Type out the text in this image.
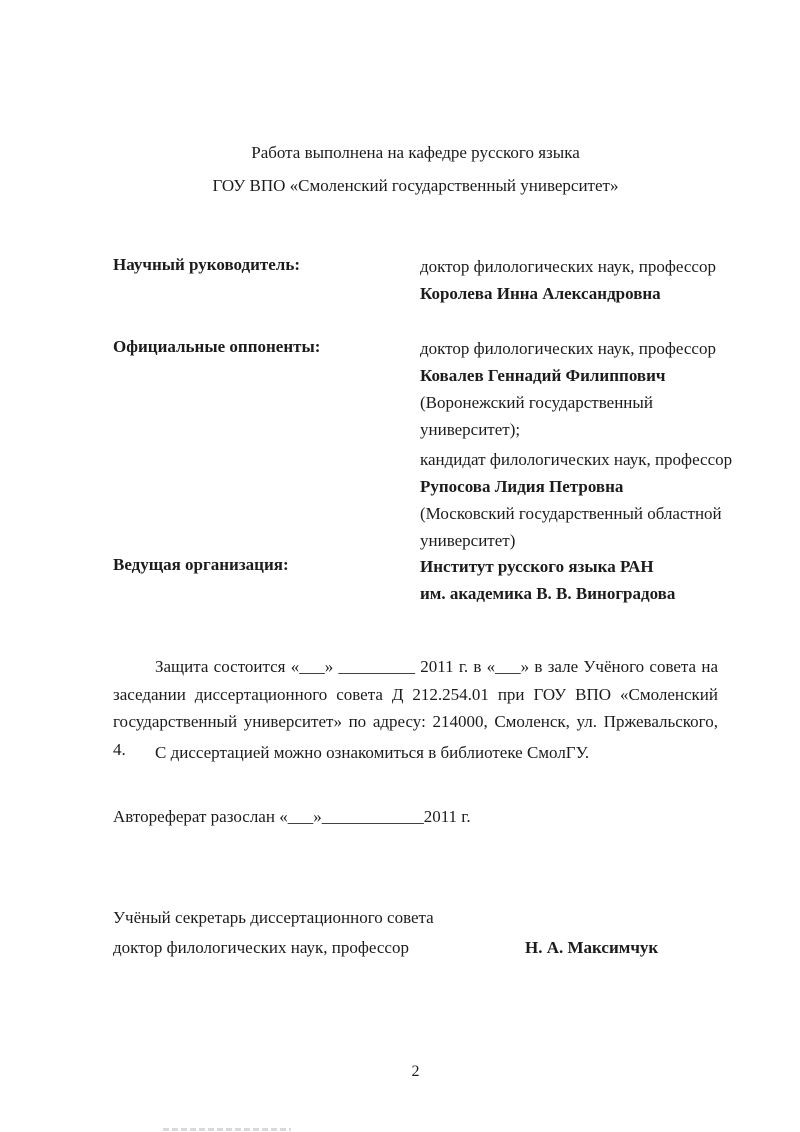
Работа выполнена на кафедре русского языка
ГОУ ВПО «Смоленский государственный университет»
Научный руководитель:	доктор филологических наук, профессор
Королева Инна Александровна
Официальные оппоненты:	доктор филологических наук, профессор
Ковалев Геннадий Филиппович
(Воронежский государственный
университет);
кандидат филологических наук, профессор
Рупосова Лидия Петровна
(Московский государственный областной
университет)
Ведущая организация:	Институт русского языка РАН
им. академика В. В. Виноградова
Защита состоится «___» _________ 2011 г. в «___» в зале Учёного совета на заседании диссертационного совета Д 212.254.01 при ГОУ ВПО «Смоленский государственный университет» по адресу: 214000, Смоленск, ул. Пржевальского, 4.	С диссертацией можно ознакомиться в библиотеке СмолГУ.
Автореферат разослан «___»____________2011 г.
Учёный секретарь диссертационного совета
доктор филологических наук, профессор	Н. А. Максимчук
2
